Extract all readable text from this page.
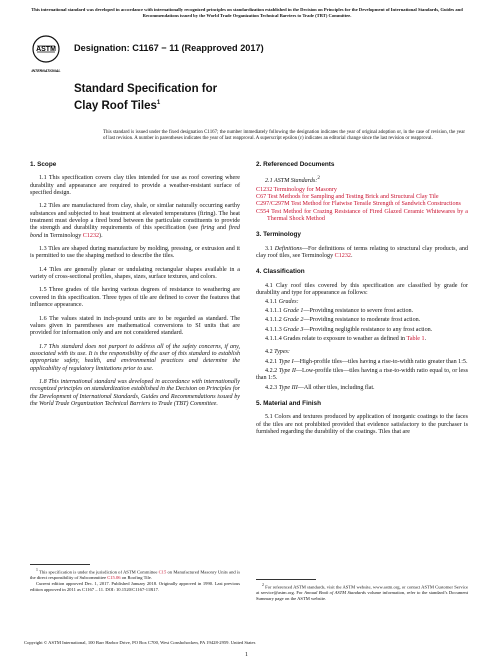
This international standard was developed in accordance with internationally recognized principles on standardization established in the Decision on Principles for the Development of International Standards, Guides and Recommendations issued by the World Trade Organization Technical Barriers to Trade (TBT) Committee.
ASTM
INTERNATIONAL
Designation: C1167 − 11 (Reapproved 2017)
Standard Specification for
Clay Roof Tiles$^1$
This standard is issued under the fixed designation C1167; the number immediately following the designation indicates the year of original adoption or, in the case of revision, the year of last revision. A number in parentheses indicates the year of last reapproval. A superscript epsilon (ε) indicates an editorial change since the last revision or reapproval.
1. Scope

1.1 This specification covers clay tiles intended for use as roof covering where durability and appearance are required to provide a weather-resistant surface of specified design.

1.2 Tiles are manufactured from clay, shale, or similar naturally occurring earthy substances and subjected to heat treatment at elevated temperatures (firing). The heat treatment must develop a fired bond between the particulate constituents to provide the strength and durability requirements of this specification (see firing and fired bond in Terminology C1232).

1.3 Tiles are shaped during manufacture by molding, pressing, or extrusion and it is permitted to use the shaping method to describe the tiles.

1.4 Tiles are generally planar or undulating rectangular shapes available in a variety of cross-sectional profiles, shapes, sizes, surface textures, and colors.

1.5 Three grades of tile having various degrees of resistance to weathering are covered in this specification. Three types of tile are defined to cover the features that influence appearance.

1.6 The values stated in inch-pound units are to be regarded as standard. The values given in parentheses are mathematical conversions to SI units that are provided for information only and are not considered standard.

1.7 This standard does not purport to address all of the safety concerns, if any, associated with its use. It is the responsibility of the user of this standard to establish appropriate safety, health, and environmental practices and determine the applicability of regulatory limitations prior to use.

1.8 This international standard was developed in accordance with internationally recognized principles on standardization established in the Decision on Principles for the Development of International Standards, Guides and Recommendations issued by the World Trade Organization Technical Barriers to Trade (TBT) Committee.

2. Referenced Documents

2.1 ASTM Standards:$^2$

C1232 Terminology for Masonry

C67 Test Methods for Sampling and Testing Brick and Structural Clay Tile

C297/C297M Test Method for Flatwise Tensile Strength of Sandwich Constructions

C554 Test Method for Crazing Resistance of Fired Glazed Ceramic Whitewares by a Thermal Shock Method

3. Terminology

3.1 Definitions—For definitions of terms relating to structural clay products, and clay roof tiles, see Terminology C1232.

4. Classification

4.1 Clay roof tiles covered by this specification are classified by grade for durability and type for appearance as follows:

4.1.1 Grades:

4.1.1.1 Grade 1—Providing resistance to severe frost action.

4.1.1.2 Grade 2—Providing resistance to moderate frost action.

4.1.1.3 Grade 3—Providing negligible resistance to any frost action.

4.1.1.4 Grades relate to exposure to weather as defined in Table 1.

4.2 Types:

4.2.1 Type I—High-profile tiles—tiles having a rise-to-width ratio greater than 1:5.

4.2.2 Type II—Low-profile tiles—tiles having a rise-to-width ratio equal to, or less than 1:5.

4.2.3 Type III—All other tiles, including flat.

5. Material and Finish

5.1 Colors and textures produced by application of inorganic coatings to the faces of the tiles are not prohibited provided that evidence satisfactory to the purchaser is furnished regarding the durability of the coatings. Tiles that are

$^1$ This specification is under the jurisdiction of ASTM Committee C15 on Manufactured Masonry Units and is the direct responsibility of Subcommittee C15.06 on Roofing Tile.

Current edition approved Dec. 1, 2017. Published January 2018. Originally approved in 1990. Last previous edition approved in 2011 as C1167 – 11. DOI: 10.1520/C1167-11R17.

$^2$ For referenced ASTM standards, visit the ASTM website, www.astm.org, or contact ASTM Customer Service at service@astm.org. For Annual Book of ASTM Standards volume information, refer to the standard’s Document Summary page on the ASTM website.

Copyright © ASTM International, 100 Barr Harbor Drive, PO Box C700, West Conshohocken, PA 19428-2959. United States
1
